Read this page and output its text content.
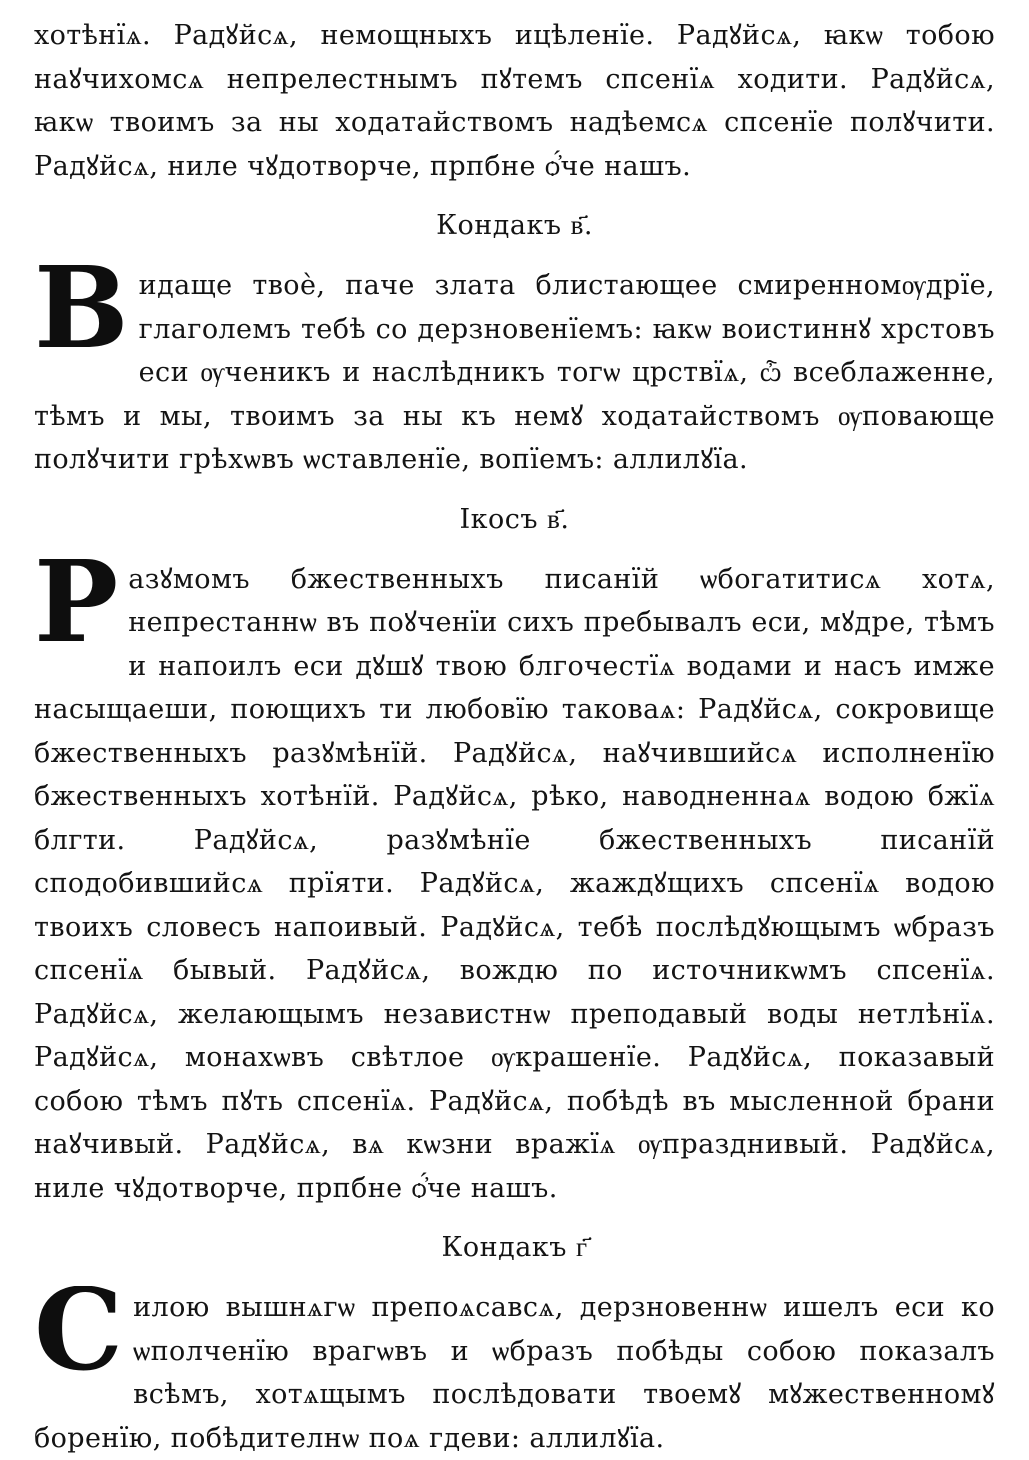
хотѣнїѧ. Радꙋйсѧ, немощныхъ ицѣленїе. Радꙋйсѧ, ꙗкѡ тобою наꙋчихомсѧ непрелестнымъ пꙋтемъ спсенїѧ ходити. Радꙋйсѧ, ꙗкѡ твоимъ за ны ходатайствомъ надѣемсѧ спсенїе полꙋчити. Радꙋйсѧ, ниле чꙋдотворче, прпбне ѻ҆́че нашъ.

Кондакъ в҃.
В идаще твоѐ, паче злата блистающее смиренномѹдрїе, глаголемъ тебѣ со дерзновенїемъ: ꙗкѡ воистиннꙋ хрстовъ еси ѹченикъ и наслѣдникъ тогѡ црствїѧ, ѽ всеблаженне, тѣмъ и мы, твоимъ за ны къ немꙋ ходатайствомъ ѹповающе полꙋчити грѣхѡвъ ѡставленїе, вопїемъ: аллилꙋїа.

Ікосъ в҃.
Р азꙋмомъ бжественныхъ писанїй ѡбогатитисѧ хотѧ, непрестаннѡ въ поꙋченїи сихъ пребывалъ еси, мꙋдре, тѣмъ и напоилъ еси дꙋшꙋ твою блгочестїѧ водами и насъ имже насыщаеши, поющихъ ти любовїю таковаѧ: Радꙋйсѧ, сокровище бжественныхъ разꙋмѣнїй. Радꙋйсѧ, наꙋчившийсѧ исполненїю бжественныхъ хотѣнїй. Радꙋйсѧ, рѣко, наводненнаѧ водою бжїѧ блгти. Радꙋйсѧ, разꙋмѣнїе бжественныхъ писанїй сподобившийсѧ прїяти. Радꙋйсѧ, жаждꙋщихъ спсенїѧ водою твоихъ словесъ напоивый. Радꙋйсѧ, тебѣ послѣдꙋющымъ ѡбразъ спсенїѧ бывый. Радꙋйсѧ, вождю по источникѡмъ спсенїѧ. Радꙋйсѧ, желающымъ независтнѡ преподавый воды нетлѣнїѧ. Радꙋйсѧ, монахѡвъ свѣтлое ѹкрашенїе. Радꙋйсѧ, показавый собою тѣмъ пꙋть спсенїѧ. Радꙋйсѧ, побѣдѣ въ мысленной брани наꙋчивый. Радꙋйсѧ, вѧ кѡзни вражїѧ ѹпразднивый. Радꙋйсѧ, ниле чꙋдотворче, прпбне ѻ҆́че нашъ.

Кондакъ г҃
С илою вышнѧгѡ препоѧсавсѧ, дерзновеннѡ ишелъ еси ко ѡполченїю врагѡвъ и ѡбразъ побѣды собою показалъ всѣмъ, хотѧщымъ послѣдовати твоемꙋ мꙋжественномꙋ боренїю, побѣдителнѡ поѧ гдеви: аллилꙋїа.
